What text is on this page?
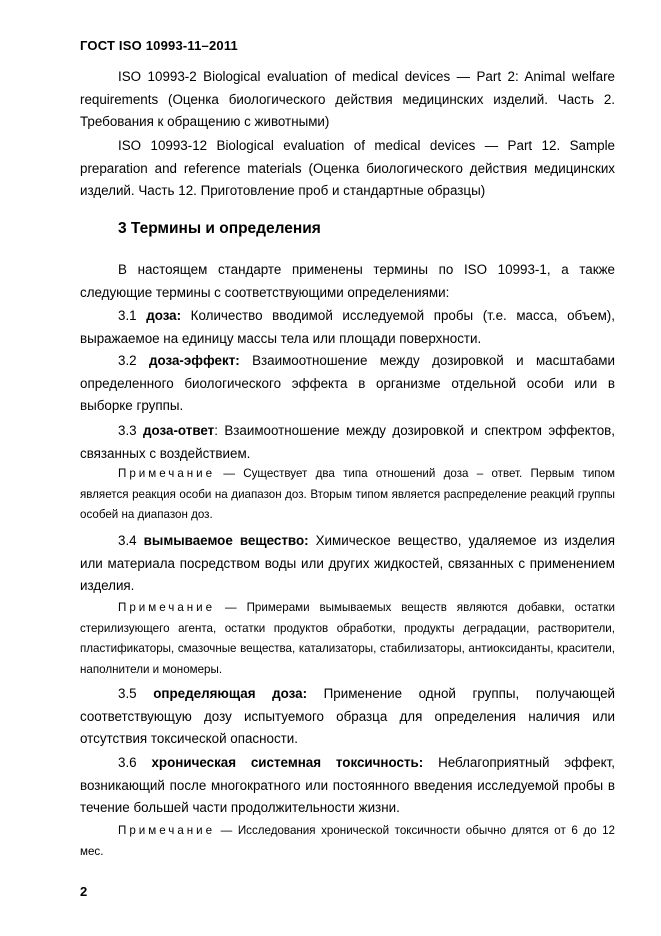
ГОСТ ISO 10993-11–2011

ISO 10993-2 Biological evaluation of medical devices — Part 2: Animal welfare requirements (Оценка биологического действия медицинских изделий. Часть 2. Требования к обращению с животными)

ISO 10993-12 Biological evaluation of medical devices — Part 12. Sample preparation and reference materials (Оценка биологического действия медицинских изделий. Часть 12. Приготовление проб и стандартные образцы)

3 Термины и определения

В настоящем стандарте применены термины по ISO 10993-1, а также следующие термины с соответствующими определениями:

3.1 доза: Количество вводимой исследуемой пробы (т.е. масса, объем), выражаемое на единицу массы тела или площади поверхности.

3.2 доза-эффект: Взаимоотношение между дозировкой и масштабами определенного биологического эффекта в организме отдельной особи или в выборке группы.

3.3 доза-ответ: Взаимоотношение между дозировкой и спектром эффектов, связанных с воздействием.

Примечание — Существует два типа отношений доза – ответ. Первым типом является реакция особи на диапазон доз. Вторым типом является распределение реакций группы особей на диапазон доз.

3.4 вымываемое вещество: Химическое вещество, удаляемое из изделия или материала посредством воды или других жидкостей, связанных с применением изделия.

Примечание — Примерами вымываемых веществ являются добавки, остатки стерилизующего агента, остатки продуктов обработки, продукты деградации, растворители, пластификаторы, смазочные вещества, катализаторы, стабилизаторы, антиоксиданты, красители, наполнители и мономеры.

3.5 определяющая доза: Применение одной группы, получающей соответствующую дозу испытуемого образца для определения наличия или отсутствия токсической опасности.

3.6 хроническая системная токсичность: Неблагоприятный эффект, возникающий после многократного или постоянного введения исследуемой пробы в течение большей части продолжительности жизни.

Примечание — Исследования хронической токсичности обычно длятся от 6 до 12 мес.

2
